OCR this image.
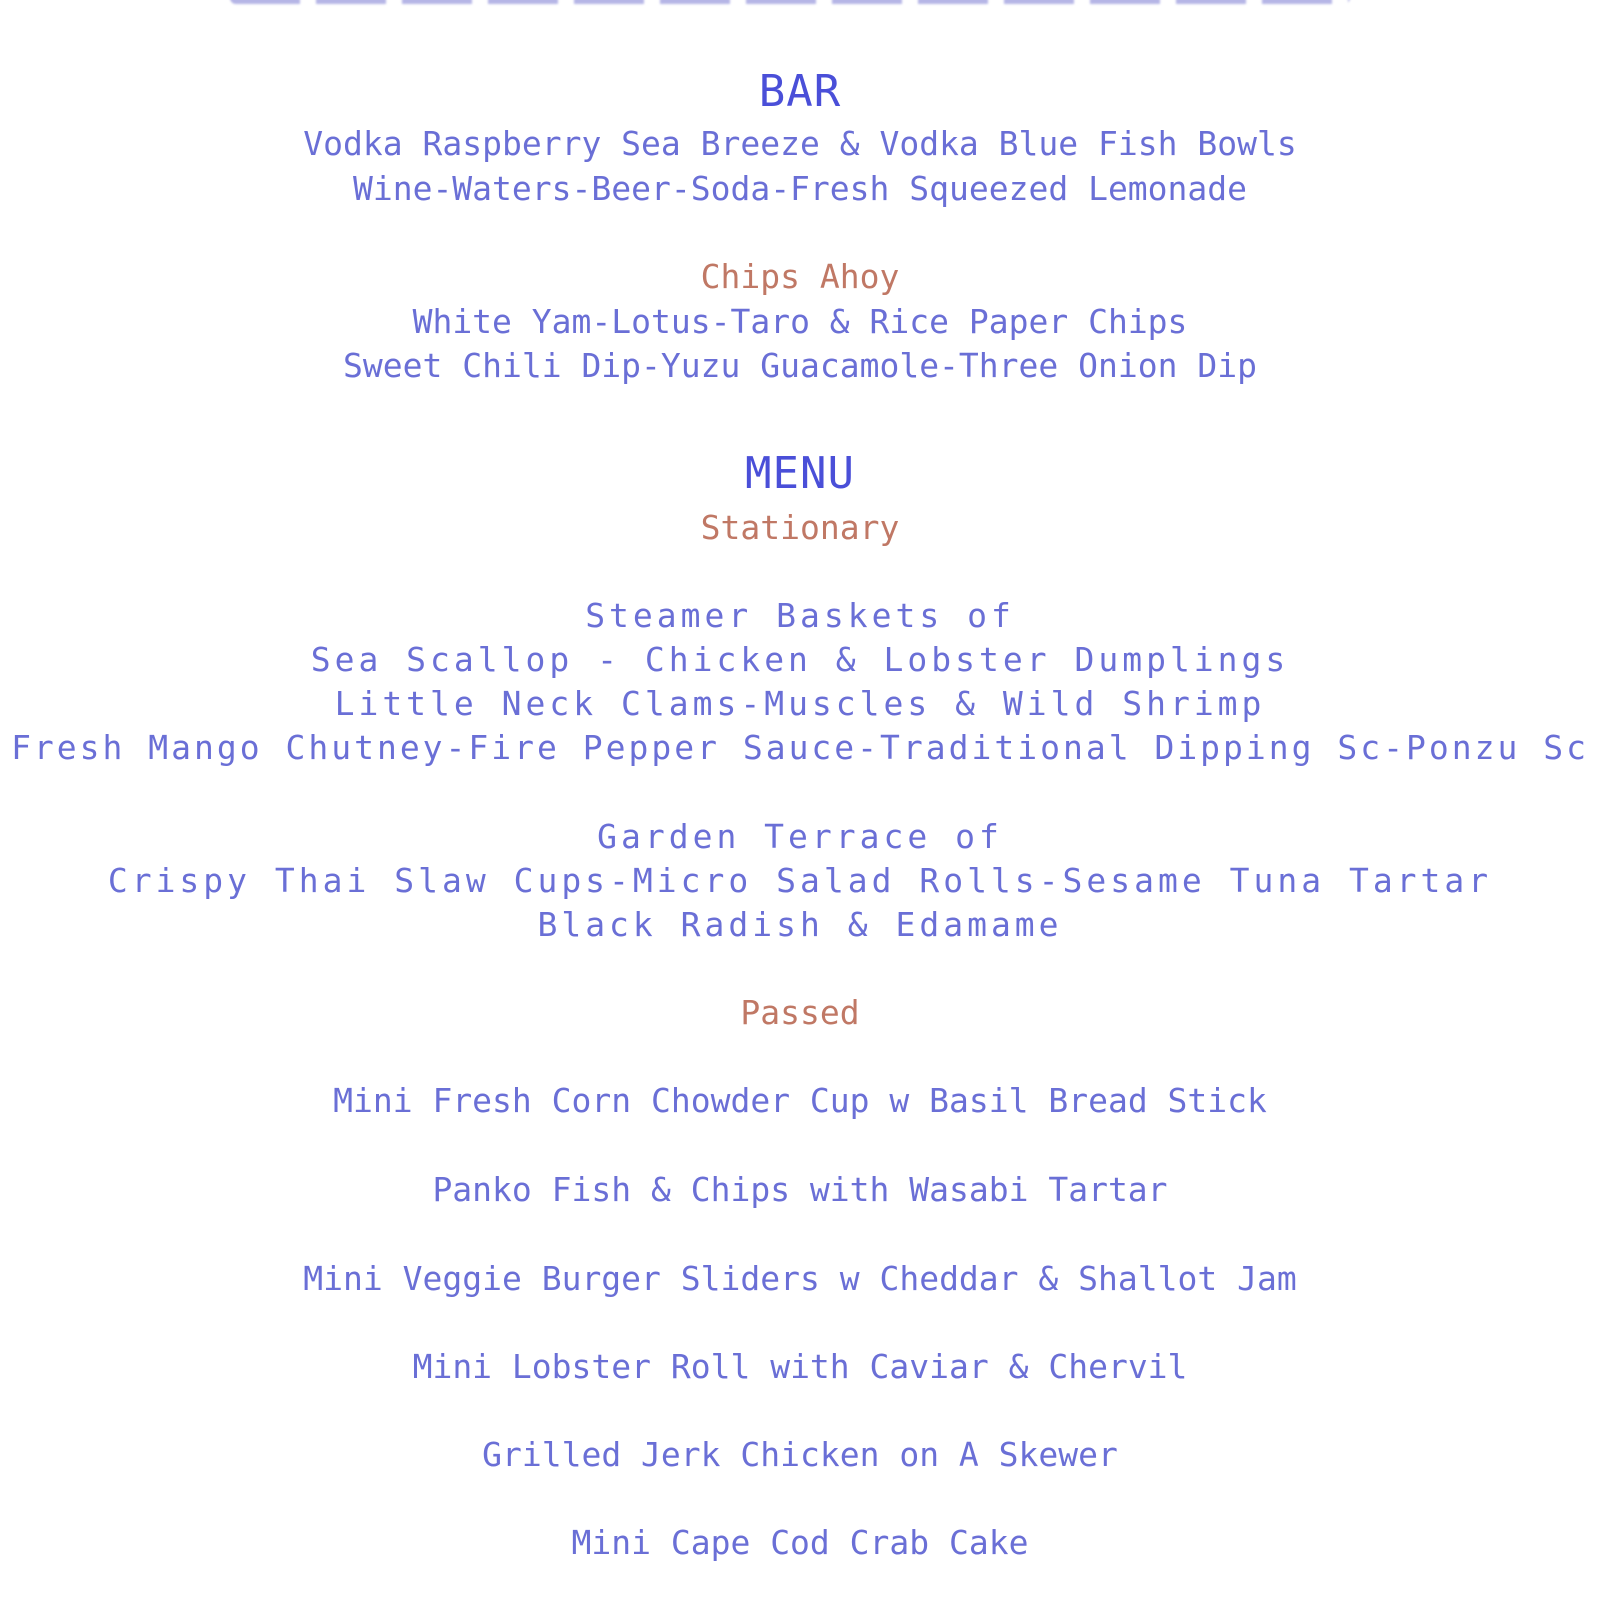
BAR
Vodka Raspberry Sea Breeze & Vodka Blue Fish Bowls
Wine-Waters-Beer-Soda-Fresh Squeezed Lemonade
Chips Ahoy
White Yam-Lotus-Taro & Rice Paper Chips
Sweet Chili Dip-Yuzu Guacamole-Three Onion Dip
MENU
Stationary
Steamer Baskets of
Sea Scallop - Chicken & Lobster Dumplings
Little Neck Clams-Muscles & Wild Shrimp
Fresh Mango Chutney-Fire Pepper Sauce-Traditional Dipping Sc-Ponzu Sc
Garden Terrace of
Crispy Thai Slaw Cups-Micro Salad Rolls-Sesame Tuna Tartar
Black Radish & Edamame
Passed
Mini Fresh Corn Chowder Cup w Basil Bread Stick
Panko Fish & Chips with Wasabi Tartar
Mini Veggie Burger Sliders w Cheddar & Shallot Jam
Mini Lobster Roll with Caviar & Chervil
Grilled Jerk Chicken on A Skewer
Mini Cape Cod Crab Cake
